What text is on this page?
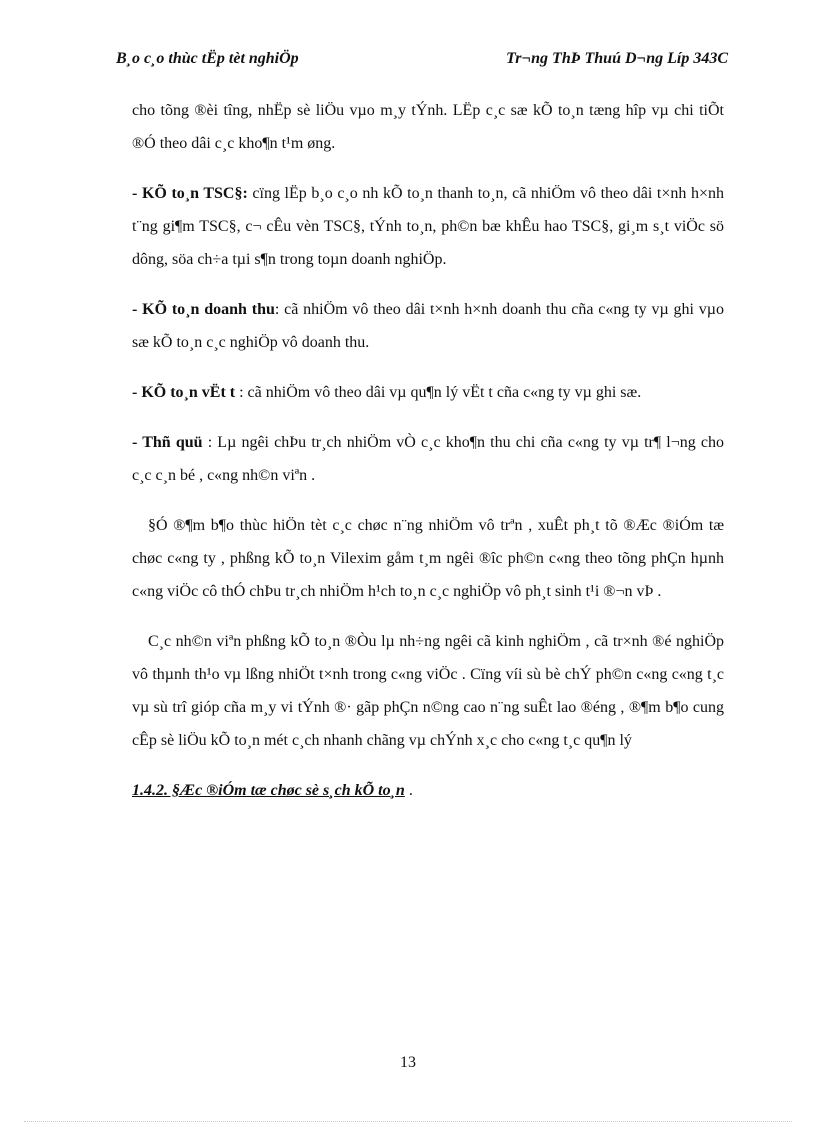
B¸o c¸o thùc tËp tèt nghiÖp	Tr¬ng ThÞ Thuú D¬ng Líp 343C

cho tõng ®èi tîng, nhËp sè liÖu vµo m¸y tÝnh. LËp c¸c sæ kÕ to¸n tæng hîp vµ chi tiÕt ®Ó theo dâi c¸c kho¶n t¹m øng.

- KÕ to¸n TSC§: cïng lËp b¸o c¸o nh kÕ to¸n thanh to¸n, cã nhiÖm vô theo dâi t×nh h×nh t¨ng gi¶m TSC§, c¬ cÊu vèn TSC§, tÝnh to¸n, ph©n bæ khÊu hao TSC§, gi¸m s¸t viÖc sö dông, söa ch÷a tµi s¶n trong toµn doanh nghiÖp.

- KÕ to¸n doanh thu: cã nhiÖm vô theo dâi t×nh h×nh doanh thu cña c«ng ty vµ ghi vµo sæ kÕ to¸n c¸c nghiÖp vô doanh thu.

- KÕ to¸n vËt t : cã nhiÖm vô theo dâi vµ qu¶n lý vËt t cña c«ng ty vµ ghi sæ.

- Thñ quü : Lµ ngêi chÞu tr¸ch nhiÖm vÒ c¸c kho¶n thu chi cña c«ng ty vµ tr¶ l¬ng cho c¸c c¸n bé , c«ng nh©n viªn .

§Ó ®¶m b¶o thùc hiÖn tèt c¸c chøc n¨ng nhiÖm vô trªn , xuÊt ph¸t tõ ®Æc ®iÓm tæ chøc c«ng ty , phßng kÕ to¸n Vilexim gåm t¸m ngêi ®îc ph©n c«ng theo tõng phÇn hµnh c«ng viÖc cô thÓ chÞu tr¸ch nhiÖm h¹ch to¸n c¸c nghiÖp vô ph¸t sinh t¹i ®¬n vÞ .

C¸c nh©n viªn phßng kÕ to¸n ®Òu lµ nh÷ng ngêi cã kinh nghiÖm , cã tr×nh ®é nghiÖp vô thµnh th¹o vµ lßng nhiÖt t×nh trong c«ng viÖc . Cïng víi sù bè chÝ ph©n c«ng c«ng t¸c vµ sù trî gióp cña m¸y vi tÝnh ®· gãp phÇn n©ng cao n¨ng suÊt lao ®éng , ®¶m b¶o cung cÊp sè liÖu kÕ to¸n mét c¸ch nhanh chãng vµ chÝnh x¸c cho c«ng t¸c qu¶n lý

1.4.2. §Æc ®iÓm tæ chøc sè s¸ch kÕ to¸n .

13
